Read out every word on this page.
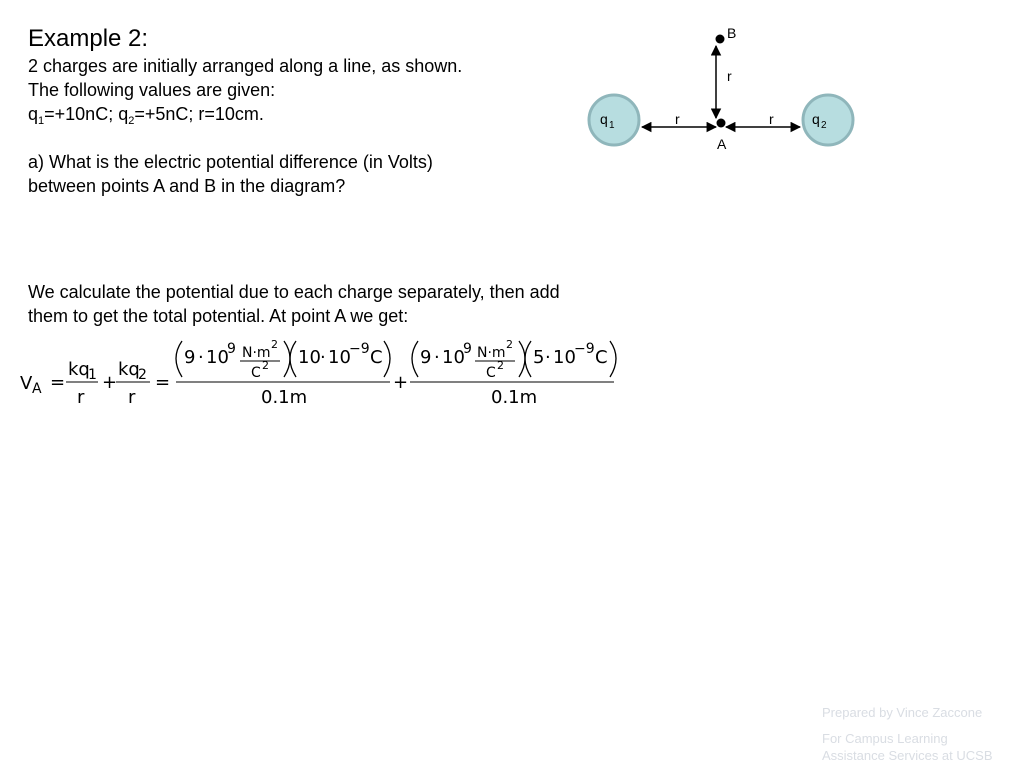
Example 2:
2 charges are initially arranged along a line, as shown.
The following values are given:
$q_1=+10nC$; $q_2=+5nC$; r=10cm.
a) What is the electric potential difference (in Volts)
between points A and B in the diagram?
We calculate the potential due to each charge separately, then add
them to get the total potential. At point A we get:
V A =
kq
1
r
+
kq
2
r
=
9 · 10
9 N·m
2
C 2 10 · 10
−9 C
0.1m
+
9 · 10
9 N·m
2
C 2 5 · 10
−9 C
0.1m
q 1	q 2
A
B
r	r
r
Prepared by Vince Zaccone
For Campus Learning
Assistance Services at UCSB
